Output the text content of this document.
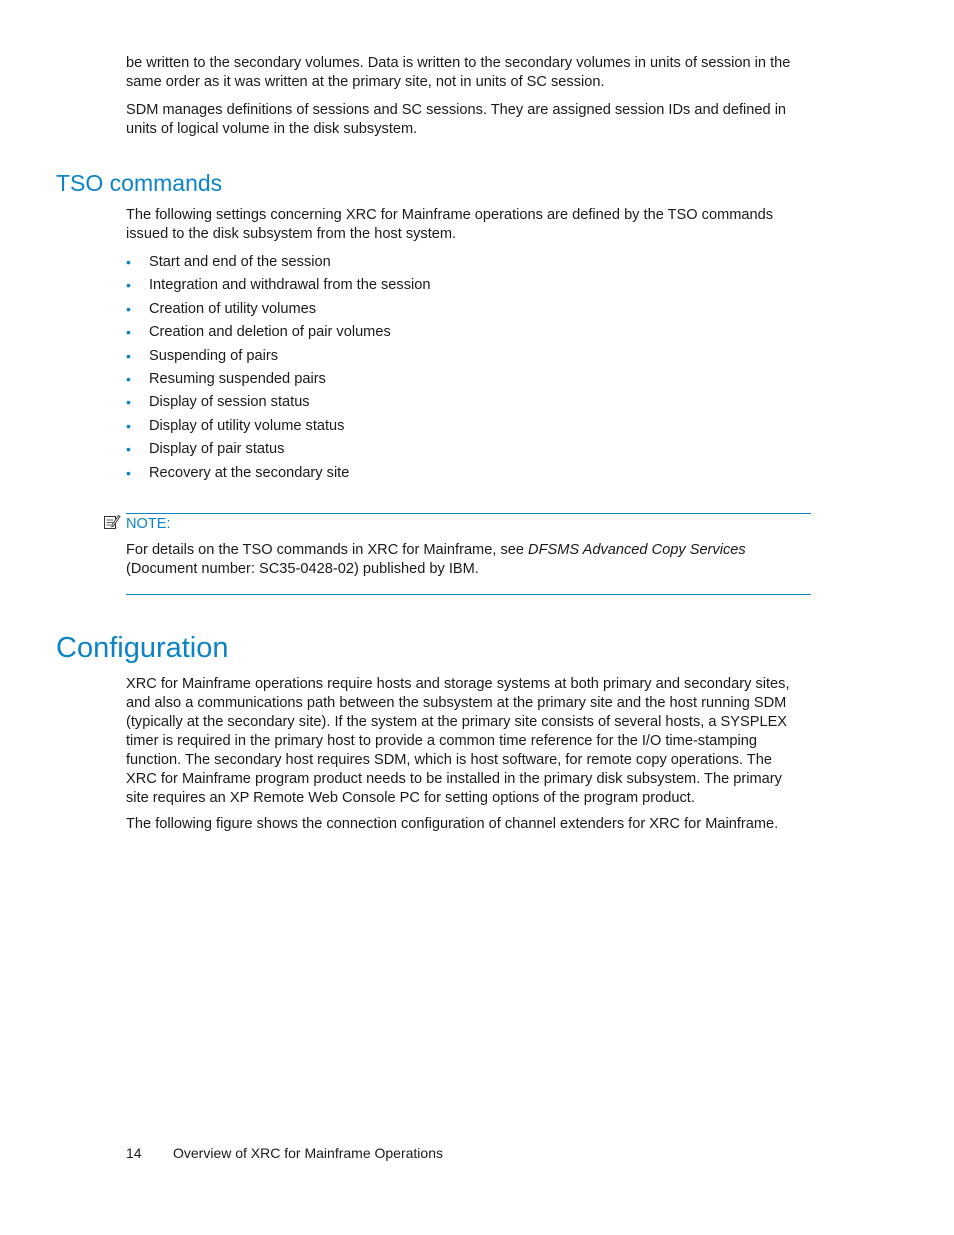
be written to the secondary volumes. Data is written to the secondary volumes in units of session in the same order as it was written at the primary site, not in units of SC session.

SDM manages definitions of sessions and SC sessions. They are assigned session IDs and defined in units of logical volume in the disk subsystem.

TSO commands

The following settings concerning XRC for Mainframe operations are defined by the TSO commands issued to the disk subsystem from the host system.

• Start and end of the session
• Integration and withdrawal from the session
• Creation of utility volumes
• Creation and deletion of pair volumes
• Suspending of pairs
• Resuming suspended pairs
• Display of session status
• Display of utility volume status
• Display of pair status
• Recovery at the secondary site
NOTE:

For details on the TSO commands in XRC for Mainframe, see DFSMS Advanced Copy Services (Document number: SC35-0428-02) published by IBM.

Configuration

XRC for Mainframe operations require hosts and storage systems at both primary and secondary sites, and also a communications path between the subsystem at the primary site and the host running SDM (typically at the secondary site). If the system at the primary site consists of several hosts, a SYSPLEX timer is required in the primary host to provide a common time reference for the I/O time-stamping function. The secondary host requires SDM, which is host software, for remote copy operations. The XRC for Mainframe program product needs to be installed in the primary disk subsystem. The primary site requires an XP Remote Web Console PC for setting options of the program product.

The following figure shows the connection configuration of channel extenders for XRC for Mainframe.

14 Overview of XRC for Mainframe Operations
